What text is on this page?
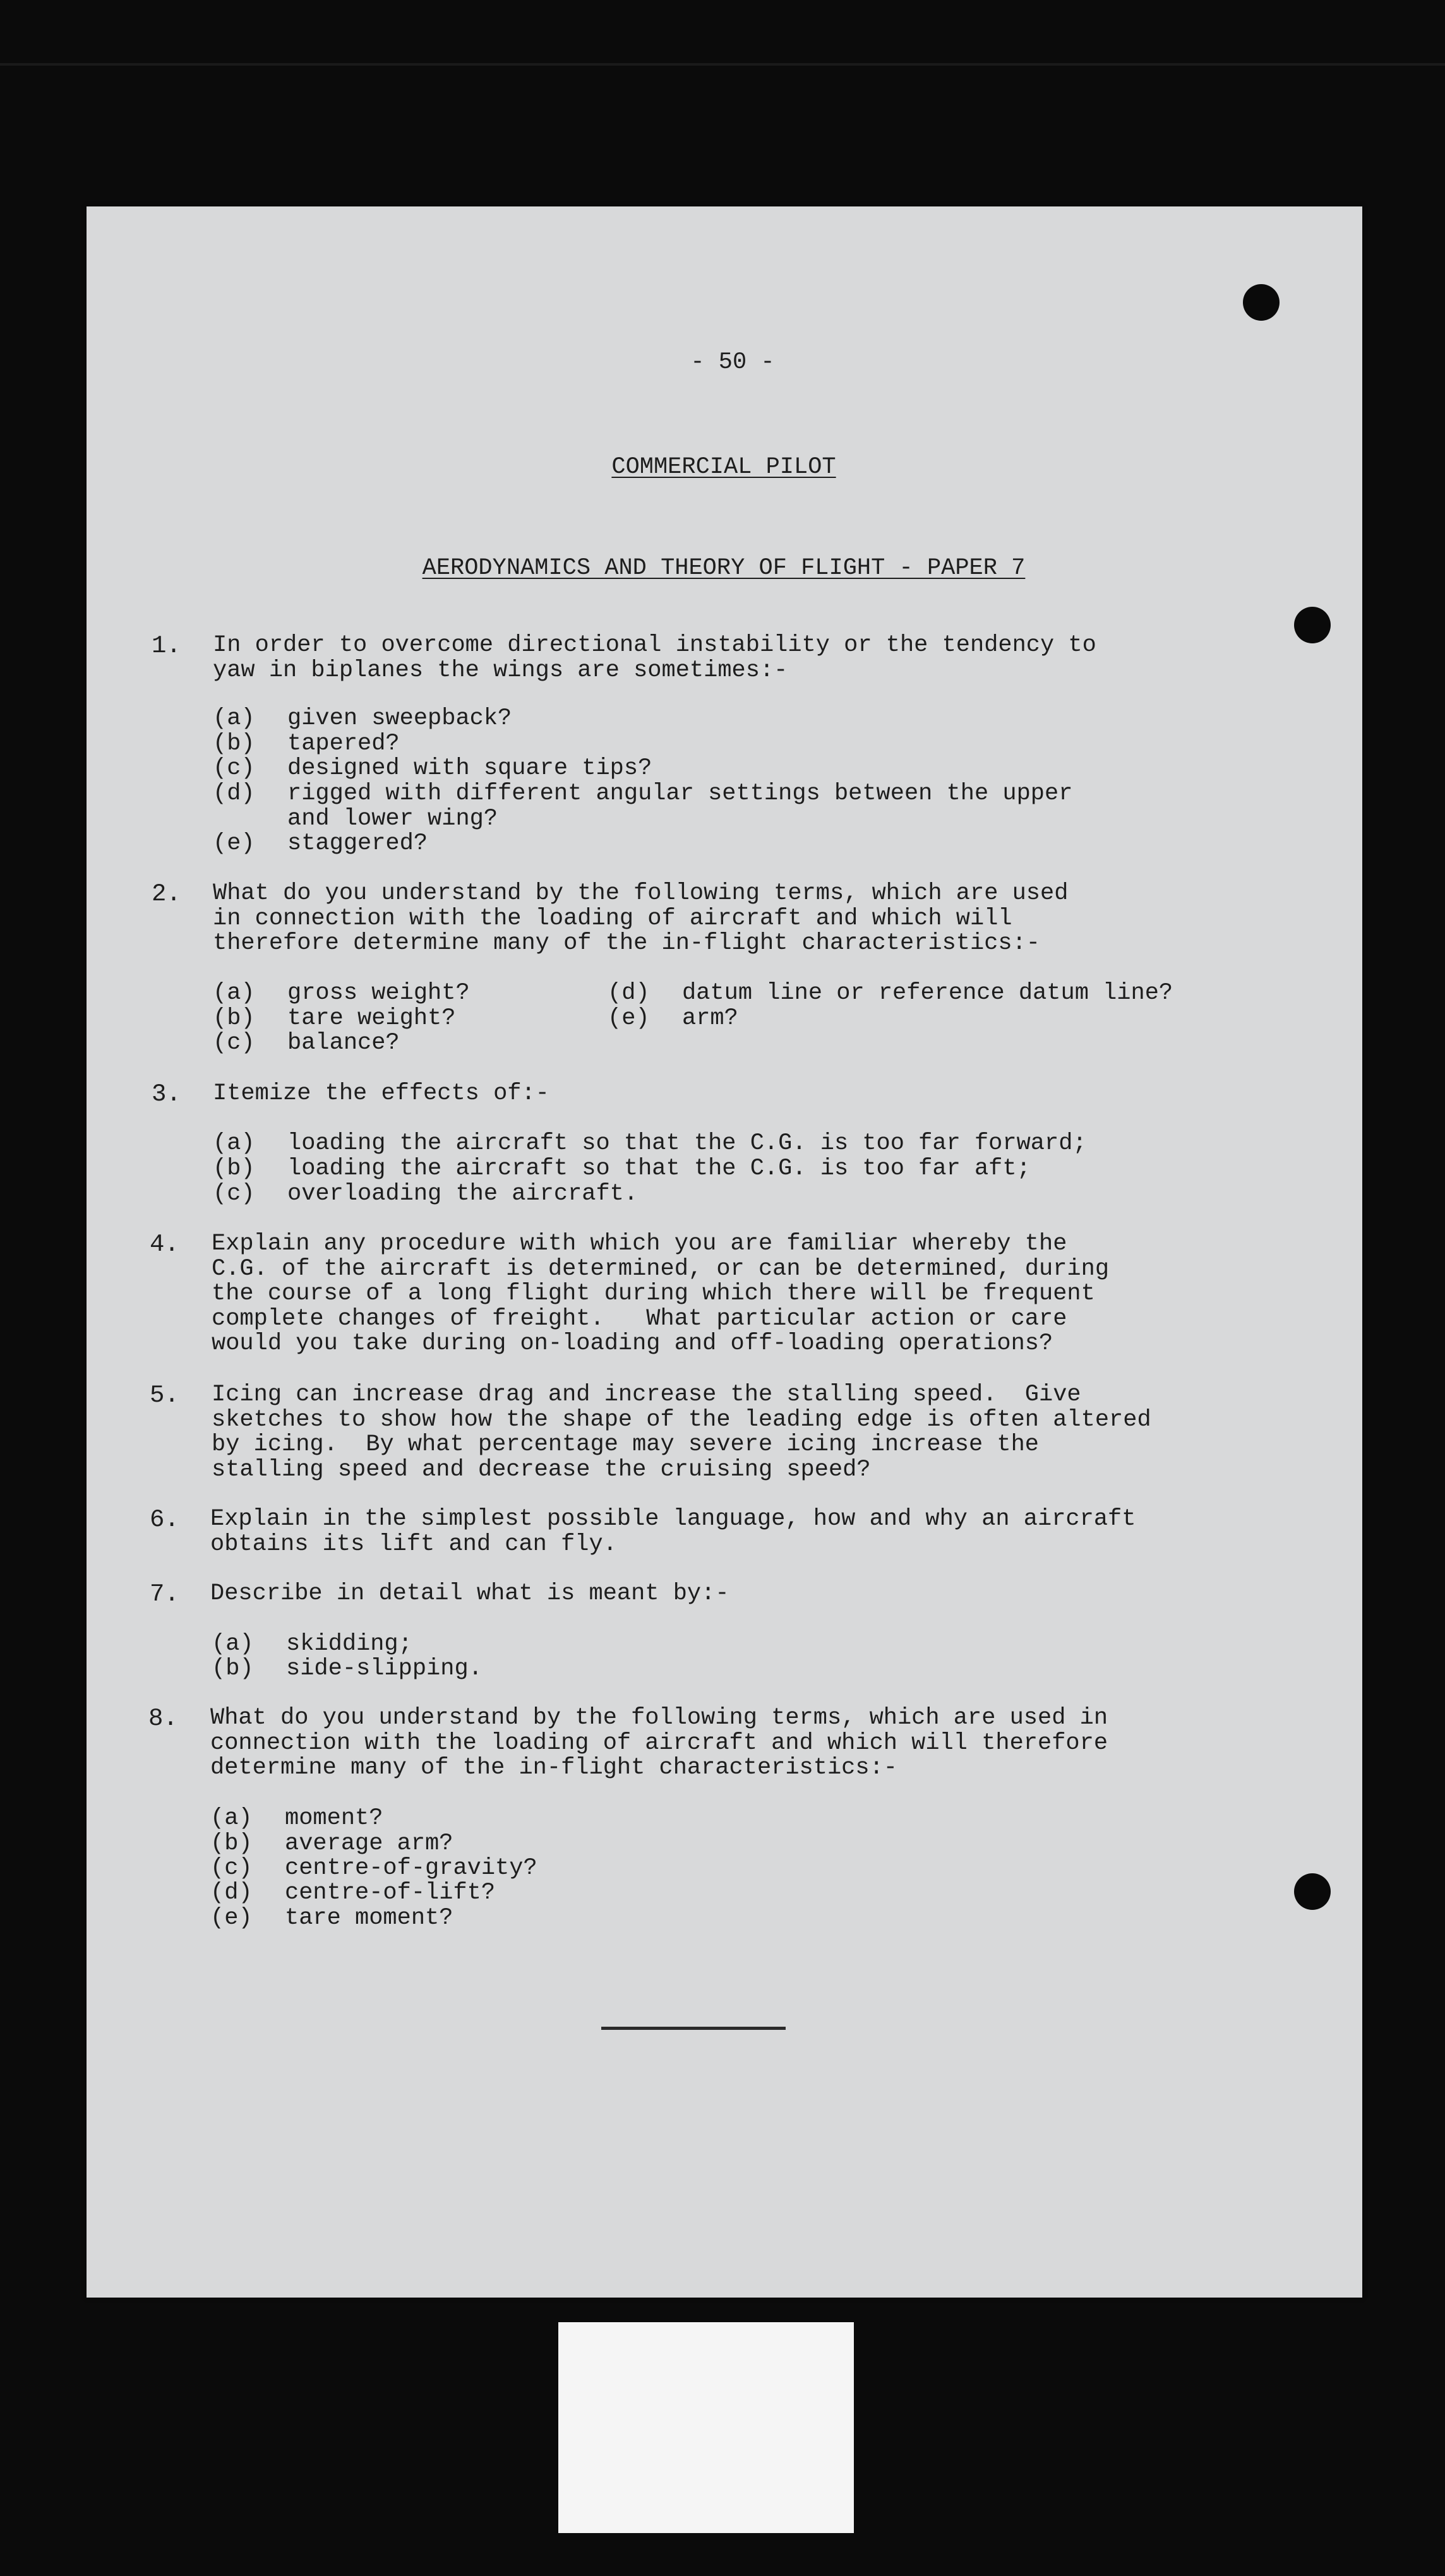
- 50 -
COMMERCIAL PILOT
AERODYNAMICS AND THEORY OF FLIGHT - PAPER 7
1. In order to overcome directional instability or the tendency to
yaw in biplanes the wings are sometimes:-
(a) given sweepback?
(b) tapered?
(c) designed with square tips?
(d) rigged with different angular settings between the upper
and lower wing?
(e) staggered?
2. What do you understand by the following terms, which are used
in connection with the loading of aircraft and which will
therefore determine many of the in-flight characteristics:-
(a) gross weight?
(b) tare weight?
(c) balance?
(d) datum line or reference datum line?
(e) arm?
3. Itemize the effects of:-
(a) loading the aircraft so that the C.G. is too far forward;
(b) loading the aircraft so that the C.G. is too far aft;
(c) overloading the aircraft.
4. Explain any procedure with which you are familiar whereby the
C.G. of the aircraft is determined, or can be determined, during
the course of a long flight during which there will be frequent
complete changes of freight.   What particular action or care
would you take during on-loading and off-loading operations?
5. Icing can increase drag and increase the stalling speed.  Give
sketches to show how the shape of the leading edge is often altered
by icing.  By what percentage may severe icing increase the
stalling speed and decrease the cruising speed?
6. Explain in the simplest possible language, how and why an aircraft
obtains its lift and can fly.
7. Describe in detail what is meant by:-
(a) skidding;
(b) side-slipping.
8. What do you understand by the following terms, which are used in
connection with the loading of aircraft and which will therefore
determine many of the in-flight characteristics:-
(a) moment?
(b) average arm?
(c) centre-of-gravity?
(d) centre-of-lift?
(e) tare moment?
